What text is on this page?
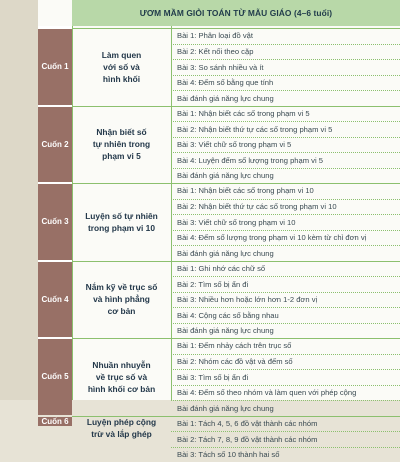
ƯƠM MẦM GIỎI TOÁN TỪ MẪU GIÁO (4–6 tuổi)
Cuốn 1
Làm quen
với số và
hình khối
Bài 1: Phân loại đồ vật
Bài 2: Kết nối theo cặp
Bài 3: So sánh nhiều và ít
Bài 4: Đếm số bằng que tính
Bài đánh giá năng lực chung
Cuốn 2
Nhận biết số
tự nhiên trong
phạm vi 5
Bài 1: Nhận biết các số trong phạm vi 5
Bài 2: Nhận biết thứ tự các số trong phạm vi 5
Bài 3: Viết chữ số trong phạm vi 5
Bài 4: Luyện đếm số lượng trong phạm vi 5
Bài đánh giá năng lực chung
Cuốn 3
Luyện số tự nhiên
trong phạm vi 10
Bài 1: Nhận biết các số trong phạm vi 10
Bài 2: Nhận biết thứ tự các số trong phạm vi 10
Bài 3: Viết chữ số trong phạm vi 10
Bài 4: Đếm số lượng trong phạm vi 10 kèm từ chỉ đơn vị
Bài đánh giá năng lực chung
Cuốn 4
Nắm kỹ về trục số
và hình phẳng
cơ bản
Bài 1: Ghi nhớ các chữ số
Bài 2: Tìm số bị ẩn đi
Bài 3: Nhiều hơn hoặc lớn hơn 1-2 đơn vị
Bài 4: Cộng các số bằng nhau
Bài đánh giá năng lực chung
Cuốn 5
Nhuần nhuyễn
về trục số và
hình khối cơ bản
Bài 1: Đếm nhảy cách trên trục số
Bài 2: Nhóm các đồ vật và đếm số
Bài 3: Tìm số bị ẩn đi
Bài 4: Đếm số theo nhóm và làm quen với phép cộng
Bài đánh giá năng lực chung
Cuốn 6 Luyện phép cộng
trừ và lắp ghép
Bài 1: Tách 4, 5, 6 đồ vật thành các nhóm
Bài 2: Tách 7, 8, 9 đồ vật thành các nhóm
Bài 3: Tách số 10 thành hai số
